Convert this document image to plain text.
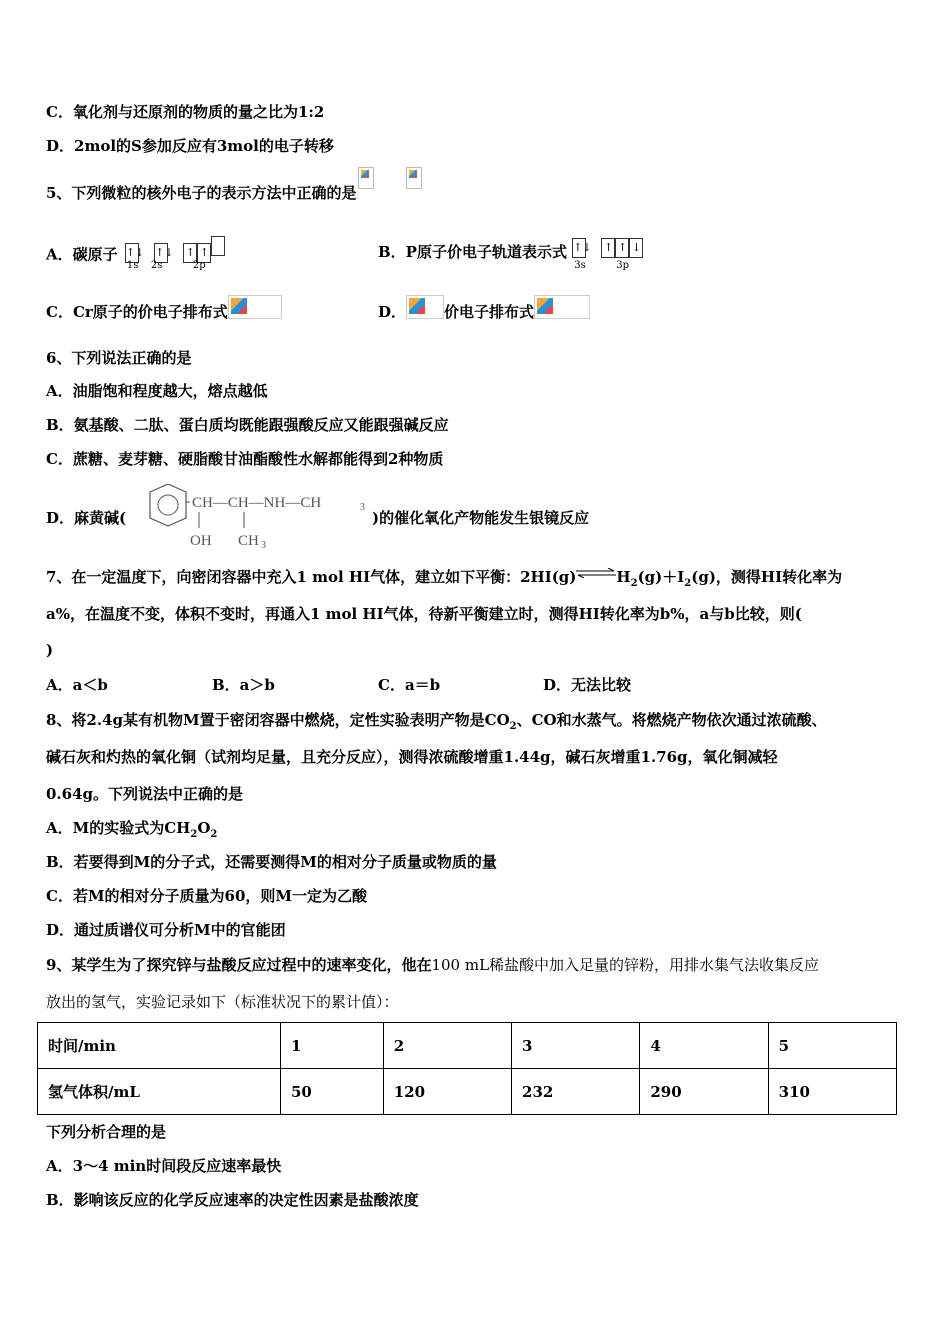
C．氧化剂与还原剂的物质的量之比为1:2
D．2mol的S参加反应有3mol的电子转移
5、下列微粒的核外电子的表示方法中正确的是
A．碳原子 ↑↓ ↑↓ ↑ ↑
1s 2s	2p
B．P原子价电子轨道表示式 ↑↓ ↑ ↑ ↓
3s	3p
C．Cr原子的价电子排布式	D．	价电子排布式
6、下列说法正确的是
A．油脂饱和程度越大，熔点越低
B．氨基酸、二肽、蛋白质均既能跟强酸反应又能跟强碱反应
C．蔗糖、麦芽糖、硬脂酸甘油酯酸性水解都能得到2种物质
D．麻黄碱(
CH—CH—NH—CH	3
OH CH 3
)的催化氧化产物能发生银镜反应
7、在一定温度下，向密闭容器中充入1 mol HI气体，建立如下平衡：$2HI(g)\rightleftharpoons H_2(g)+I_2(g)$，测得HI转化率为
a%，在温度不变，体积不变时，再通入1 mol HI气体，待新平衡建立时，测得HI转化率为b%，a与b比较，则(
)
A．a＜b	B．a＞b	C．a＝b	D．无法比较
8、将2.4g某有机物M置于密闭容器中燃烧，定性实验表明产物是$CO_2$、CO和水蒸气。将燃烧产物依次通过浓硫酸、
碱石灰和灼热的氧化铜（试剂均足量，且充分反应），测得浓硫酸增重1.44g，碱石灰增重1.76g，氧化铜减轻
0.64g。下列说法中正确的是
A．M的实验式为$CH_2O_2$
B．若要得到M的分子式，还需要测得M的相对分子质量或物质的量
C．若M的相对分子质量为60，则M一定为乙酸
D．通过质谱仪可分析M中的官能团
9、某学生为了探究锌与盐酸反应过程中的速率变化，他在100 mL稀盐酸中加入足量的锌粉，用排水集气法收集反应
放出的氢气，实验记录如下（标准状况下的累计值）：
时间/min	1	2	3	4	5
氢气体积/mL	50	120	232	290	310
下列分析合理的是
A．3～4 min时间段反应速率最快
B．影响该反应的化学反应速率的决定性因素是盐酸浓度
